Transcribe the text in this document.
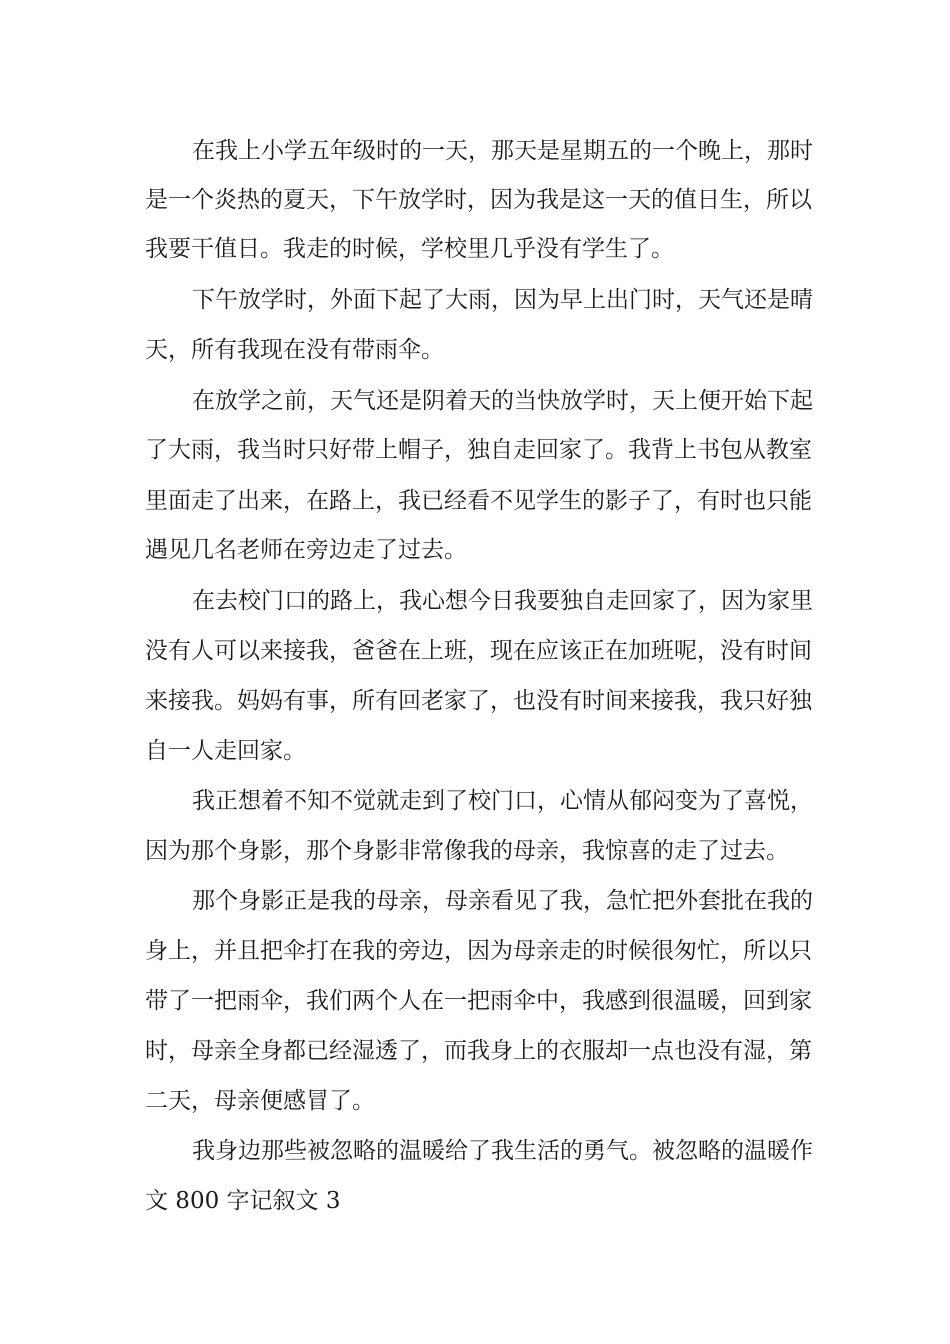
在我上小学五年级时的一天，那天是星期五的一个晚上，那时
是一个炎热的夏天，下午放学时，因为我是这一天的值日生，所以
我要干值日。我走的时候，学校里几乎没有学生了。
下午放学时，外面下起了大雨，因为早上出门时，天气还是晴
天，所有我现在没有带雨伞。
在放学之前，天气还是阴着天的当快放学时，天上便开始下起
了大雨，我当时只好带上帽子，独自走回家了。我背上书包从教室
里面走了出来，在路上，我已经看不见学生的影子了，有时也只能
遇见几名老师在旁边走了过去。
在去校门口的路上，我心想今日我要独自走回家了，因为家里
没有人可以来接我，爸爸在上班，现在应该正在加班呢，没有时间
来接我。妈妈有事，所有回老家了，也没有时间来接我，我只好独
自一人走回家。
我正想着不知不觉就走到了校门口，心情从郁闷变为了喜悦，
因为那个身影，那个身影非常像我的母亲，我惊喜的走了过去。
那个身影正是我的母亲，母亲看见了我，急忙把外套批在我的
身上，并且把伞打在我的旁边，因为母亲走的时候很匆忙，所以只
带了一把雨伞，我们两个人在一把雨伞中，我感到很温暖，回到家
时，母亲全身都已经湿透了，而我身上的衣服却一点也没有湿，第
二天，母亲便感冒了。
我身边那些被忽略的温暖给了我生活的勇气。被忽略的温暖作
文 800 字记叙文 3
